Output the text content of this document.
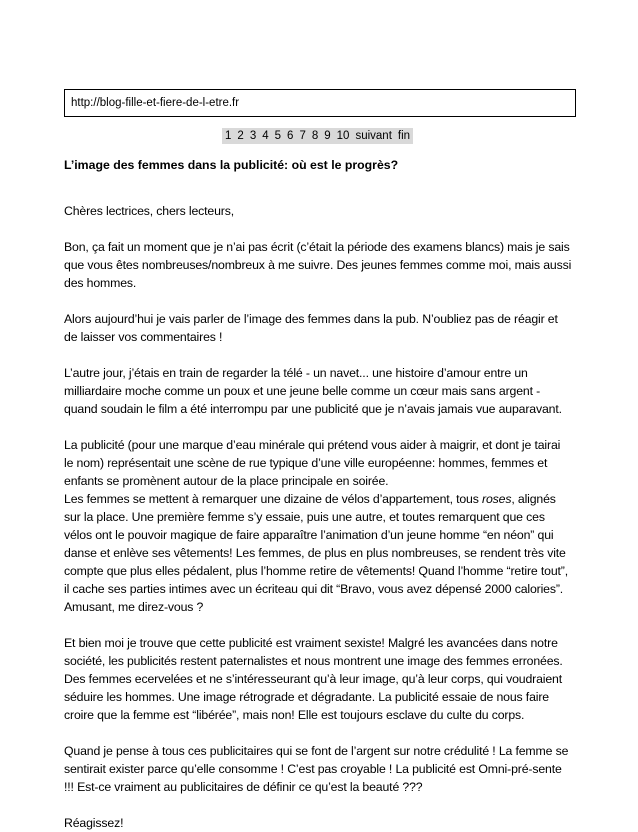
http://blog-fille-et-fiere-de-l-etre.fr
1 2 3 4 5 6 7 8 9 10 suivant fin
L’image des femmes dans la publicité: où est le progrès?

Chères lectrices, chers lecteurs,

Bon, ça fait un moment que je n’ai pas écrit (c’était la période des examens blancs) mais je sais
que vous êtes nombreuses/nombreux à me suivre. Des jeunes femmes comme moi, mais aussi
des hommes.

Alors aujourd’hui je vais parler de l’image des femmes dans la pub. N’oubliez pas de réagir et
de laisser vos commentaires !

L’autre jour, j’étais en train de regarder la télé - un navet... une histoire d’amour entre un
milliardaire moche comme un poux et une jeune belle comme un cœur mais sans argent -
quand soudain le film a été interrompu par une publicité que je n’avais jamais vue auparavant.

La publicité (pour une marque d’eau minérale qui prétend vous aider à maigrir, et dont je tairai
le nom) représentait une scène de rue typique d’une ville européenne: hommes, femmes et
enfants se promènent autour de la place principale en soirée.
Les femmes se mettent à remarquer une dizaine de vélos d’appartement, tous roses, alignés
sur la place. Une première femme s’y essaie, puis une autre, et toutes remarquent que ces
vélos ont le pouvoir magique de faire apparaître l’animation d’un jeune homme “en néon” qui
danse et enlève ses vêtements! Les femmes, de plus en plus nombreuses, se rendent très vite
compte que plus elles pédalent, plus l’homme retire de vêtements! Quand l’homme “retire tout”,
il cache ses parties intimes avec un écriteau qui dit “Bravo, vous avez dépensé 2000 calories”.
Amusant, me direz-vous ?

Et bien moi je trouve que cette publicité est vraiment sexiste! Malgré les avancées dans notre
société, les publicités restent paternalistes et nous montrent une image des femmes erronées.
Des femmes ecervelées et ne s’intéresseurant qu’à leur image, qu’à leur corps, qui voudraient
séduire les hommes. Une image rétrograde et dégradante. La publicité essaie de nous faire
croire que la femme est “libérée”, mais non! Elle est toujours esclave du culte du corps.

Quand je pense à tous ces publicitaires qui se font de l’argent sur notre crédulité ! La femme se
sentirait exister parce qu’elle consomme ! C’est pas croyable ! La publicité est Omni-pré-sente
!!! Est-ce vraiment au publicitaires de définir ce qu’est la beauté ???

Réagissez!
